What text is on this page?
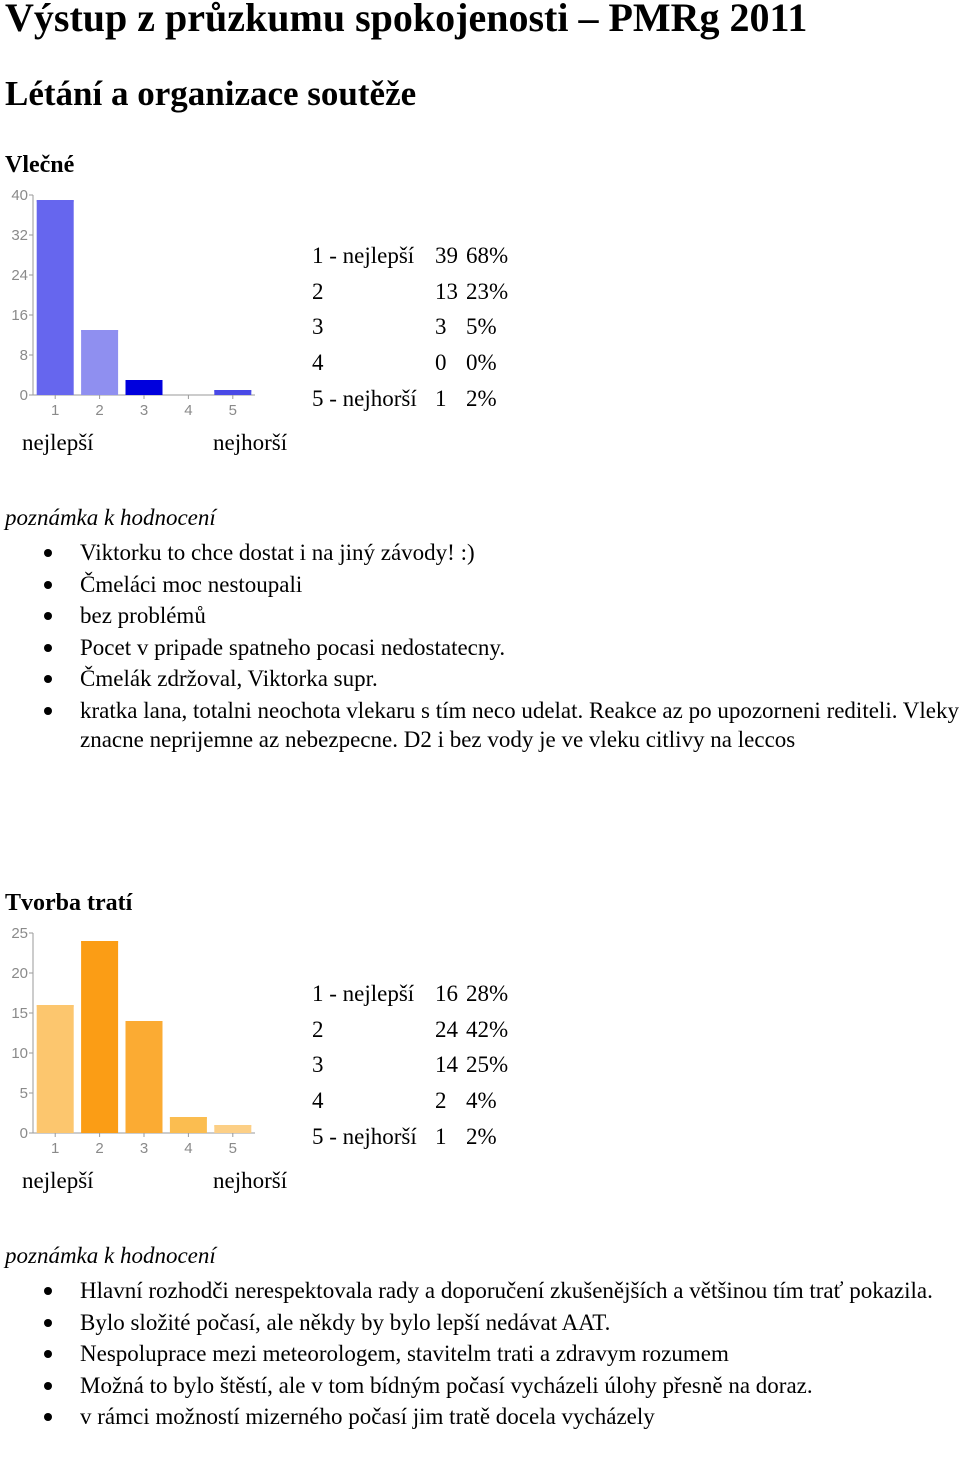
Výstup z průzkumu spokojenosti – PMRg 2011
Létání a organizace soutěže
Vlečné
0
8
16
24
32
40
1 2 3 4 5
nejlepší	nejhorší
1 - nejlepší	39	68%
2	13	23%
3	3	5%
4	0	0%
5 - nejhorší	1	2%
poznámka k hodnocení
Viktorku to chce dostat i na jiný závody! :)
Čmeláci moc nestoupali
bez problémů
Pocet v pripade spatneho pocasi nedostatecny.
Čmelák zdržoval, Viktorka supr.
kratka lana, totalni neochota vlekaru s tím neco udelat. Reakce az po upozorneni rediteli. Vleky znacne neprijemne az nebezpecne. D2 i bez vody je ve vleku citlivy na leccos
Tvorba tratí
0
5
10
15
20
25
1 2 3 4 5
nejlepší	nejhorší
1 - nejlepší	16	28%
2	24	42%
3	14	25%
4	2	4%
5 - nejhorší	1	2%
poznámka k hodnocení
Hlavní rozhodči nerespektovala rady a doporučení zkušenějších a většinou tím trať pokazila.
Bylo složité počasí, ale někdy by bylo lepší nedávat AAT.
Nespoluprace mezi meteorologem, stavitelm trati a zdravym rozumem
Možná to bylo štěstí, ale v tom bídným počasí vycházeli úlohy přesně na doraz.
v rámci možností mizerného počasí jim tratě docela vycházely
